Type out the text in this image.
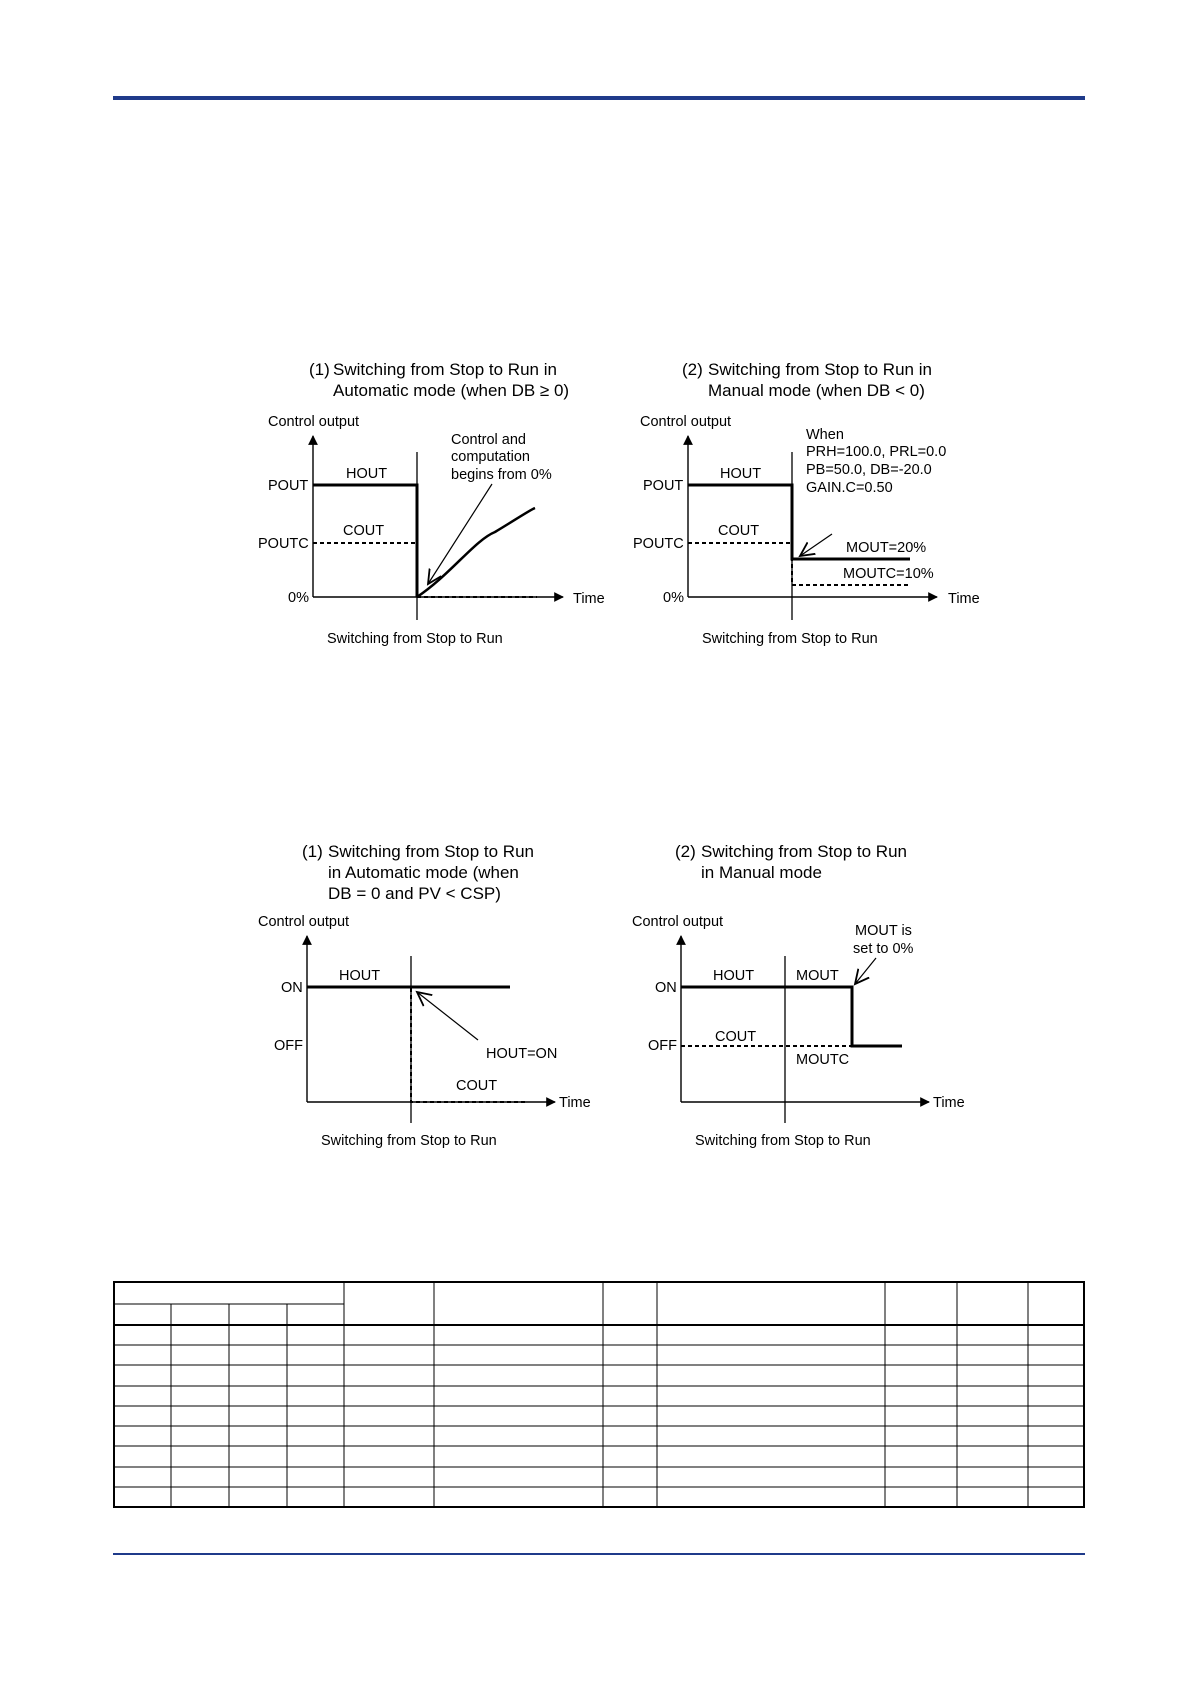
(1) Switching from Stop to Run in
Automatic mode (when DB ≥ 0)
Control output
POUT
POUTC
0%
HOUT
COUT
Control and
computation
begins from 0%
Time
Switching from Stop to Run
(2) Switching from Stop to Run in
Manual mode (when DB < 0)
Control output
POUT
POUTC
0%
HOUT
COUT
When
PRH=100.0, PRL=0.0
PB=50.0, DB=-20.0
GAIN.C=0.50
MOUT=20%
MOUTC=10%
Time
Switching from Stop to Run
(1) Switching from Stop to Run
in Automatic mode (when
DB = 0 and PV < CSP)
Control output
ON
OFF
HOUT
HOUT=ON
COUT
Time
Switching from Stop to Run
(2) Switching from Stop to Run
in Manual mode
Control output
ON
OFF
HOUT	MOUT
MOUT is
set to 0%
COUT
MOUTC
Time
Switching from Stop to Run
